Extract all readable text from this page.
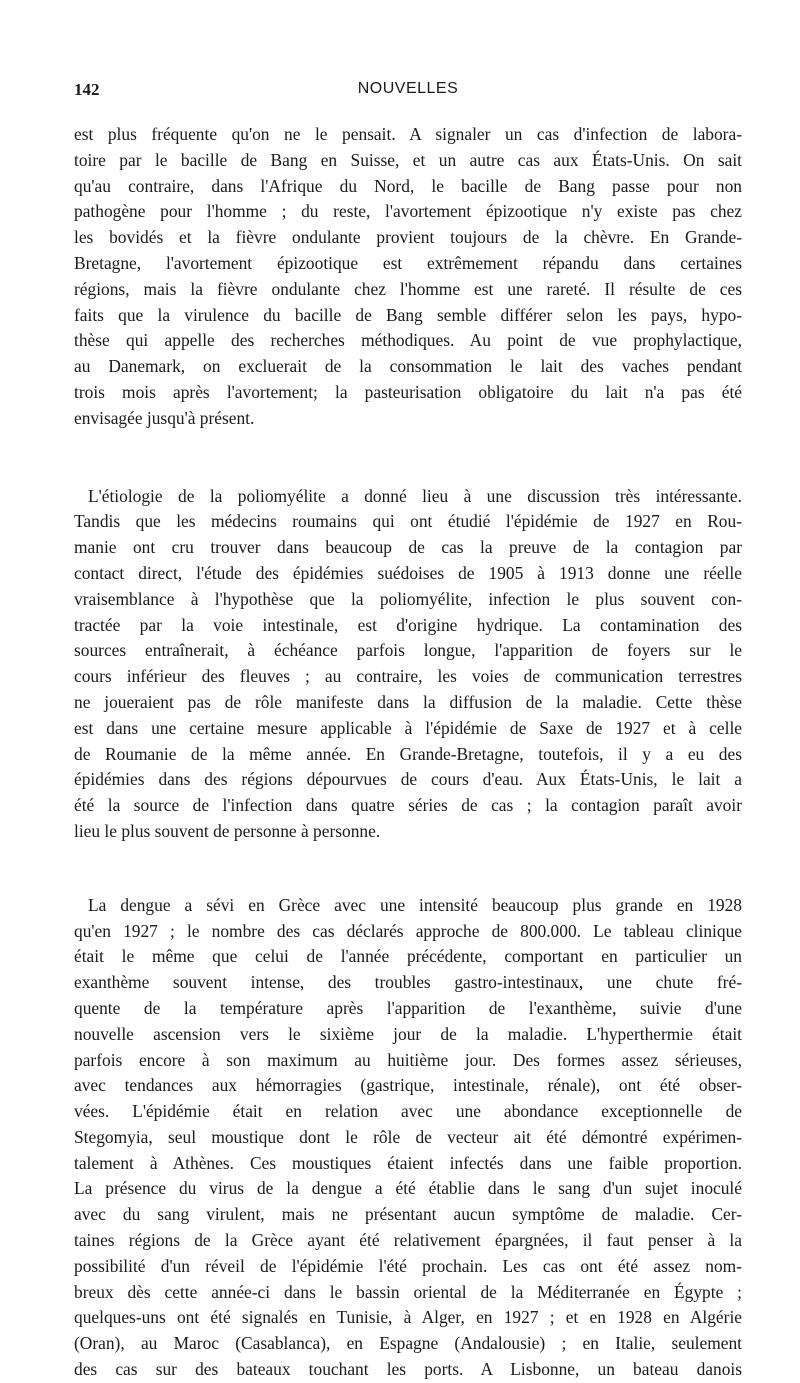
142	NOUVELLES

est plus fréquente qu'on ne le pensait. A signaler un cas d'infection de labora-
toire par le bacille de Bang en Suisse, et un autre cas aux États-Unis. On sait
qu'au contraire, dans l'Afrique du Nord, le bacille de Bang passe pour non
pathogène pour l'homme ; du reste, l'avortement épizootique n'y existe pas chez
les bovidés et la fièvre ondulante provient toujours de la chèvre. En Grande-
Bretagne, l'avortement épizootique est extrêmement répandu dans certaines
régions, mais la fièvre ondulante chez l'homme est une rareté. Il résulte de ces
faits que la virulence du bacille de Bang semble différer selon les pays, hypo-
thèse qui appelle des recherches méthodiques. Au point de vue prophylactique,
au Danemark, on excluerait de la consommation le lait des vaches pendant
trois mois après l'avortement; la pasteurisation obligatoire du lait n'a pas été
envisagée jusqu'à présent.

L'étiologie de la poliomyélite a donné lieu à une discussion très intéressante.
Tandis que les médecins roumains qui ont étudié l'épidémie de 1927 en Rou-
manie ont cru trouver dans beaucoup de cas la preuve de la contagion par
contact direct, l'étude des épidémies suédoises de 1905 à 1913 donne une réelle
vraisemblance à l'hypothèse que la poliomyélite, infection le plus souvent con-
tractée par la voie intestinale, est d'origine hydrique. La contamination des
sources entraînerait, à échéance parfois longue, l'apparition de foyers sur le
cours inférieur des fleuves ; au contraire, les voies de communication terrestres
ne joueraient pas de rôle manifeste dans la diffusion de la maladie. Cette thèse
est dans une certaine mesure applicable à l'épidémie de Saxe de 1927 et à celle
de Roumanie de la même année. En Grande-Bretagne, toutefois, il y a eu des
épidémies dans des régions dépourvues de cours d'eau. Aux États-Unis, le lait a
été la source de l'infection dans quatre séries de cas ; la contagion paraît avoir
lieu le plus souvent de personne à personne.

La dengue a sévi en Grèce avec une intensité beaucoup plus grande en 1928
qu'en 1927 ; le nombre des cas déclarés approche de 800.000. Le tableau clinique
était le même que celui de l'année précédente, comportant en particulier un
exanthème souvent intense, des troubles gastro-intestinaux, une chute fré-
quente de la température après l'apparition de l'exanthème, suivie d'une
nouvelle ascension vers le sixième jour de la maladie. L'hyperthermie était
parfois encore à son maximum au huitième jour. Des formes assez sérieuses,
avec tendances aux hémorragies (gastrique, intestinale, rénale), ont été obser-
vées. L'épidémie était en relation avec une abondance exceptionnelle de
Stegomyia, seul moustique dont le rôle de vecteur ait été démontré expérimen-
talement à Athènes. Ces moustiques étaient infectés dans une faible proportion.
La présence du virus de la dengue a été établie dans le sang d'un sujet inoculé
avec du sang virulent, mais ne présentant aucun symptôme de maladie. Cer-
taines régions de la Grèce ayant été relativement épargnées, il faut penser à la
possibilité d'un réveil de l'épidémie l'été prochain. Les cas ont été assez nom-
breux dès cette année-ci dans le bassin oriental de la Méditerranée en Égypte ;
quelques-uns ont été signalés en Tunisie, à Alger, en 1927 ; et en 1928 en Algérie
(Oran), au Maroc (Casablanca), en Espagne (Andalousie) ; en Italie, seulement
des cas sur des bateaux touchant les ports. A Lisbonne, un bateau danois
